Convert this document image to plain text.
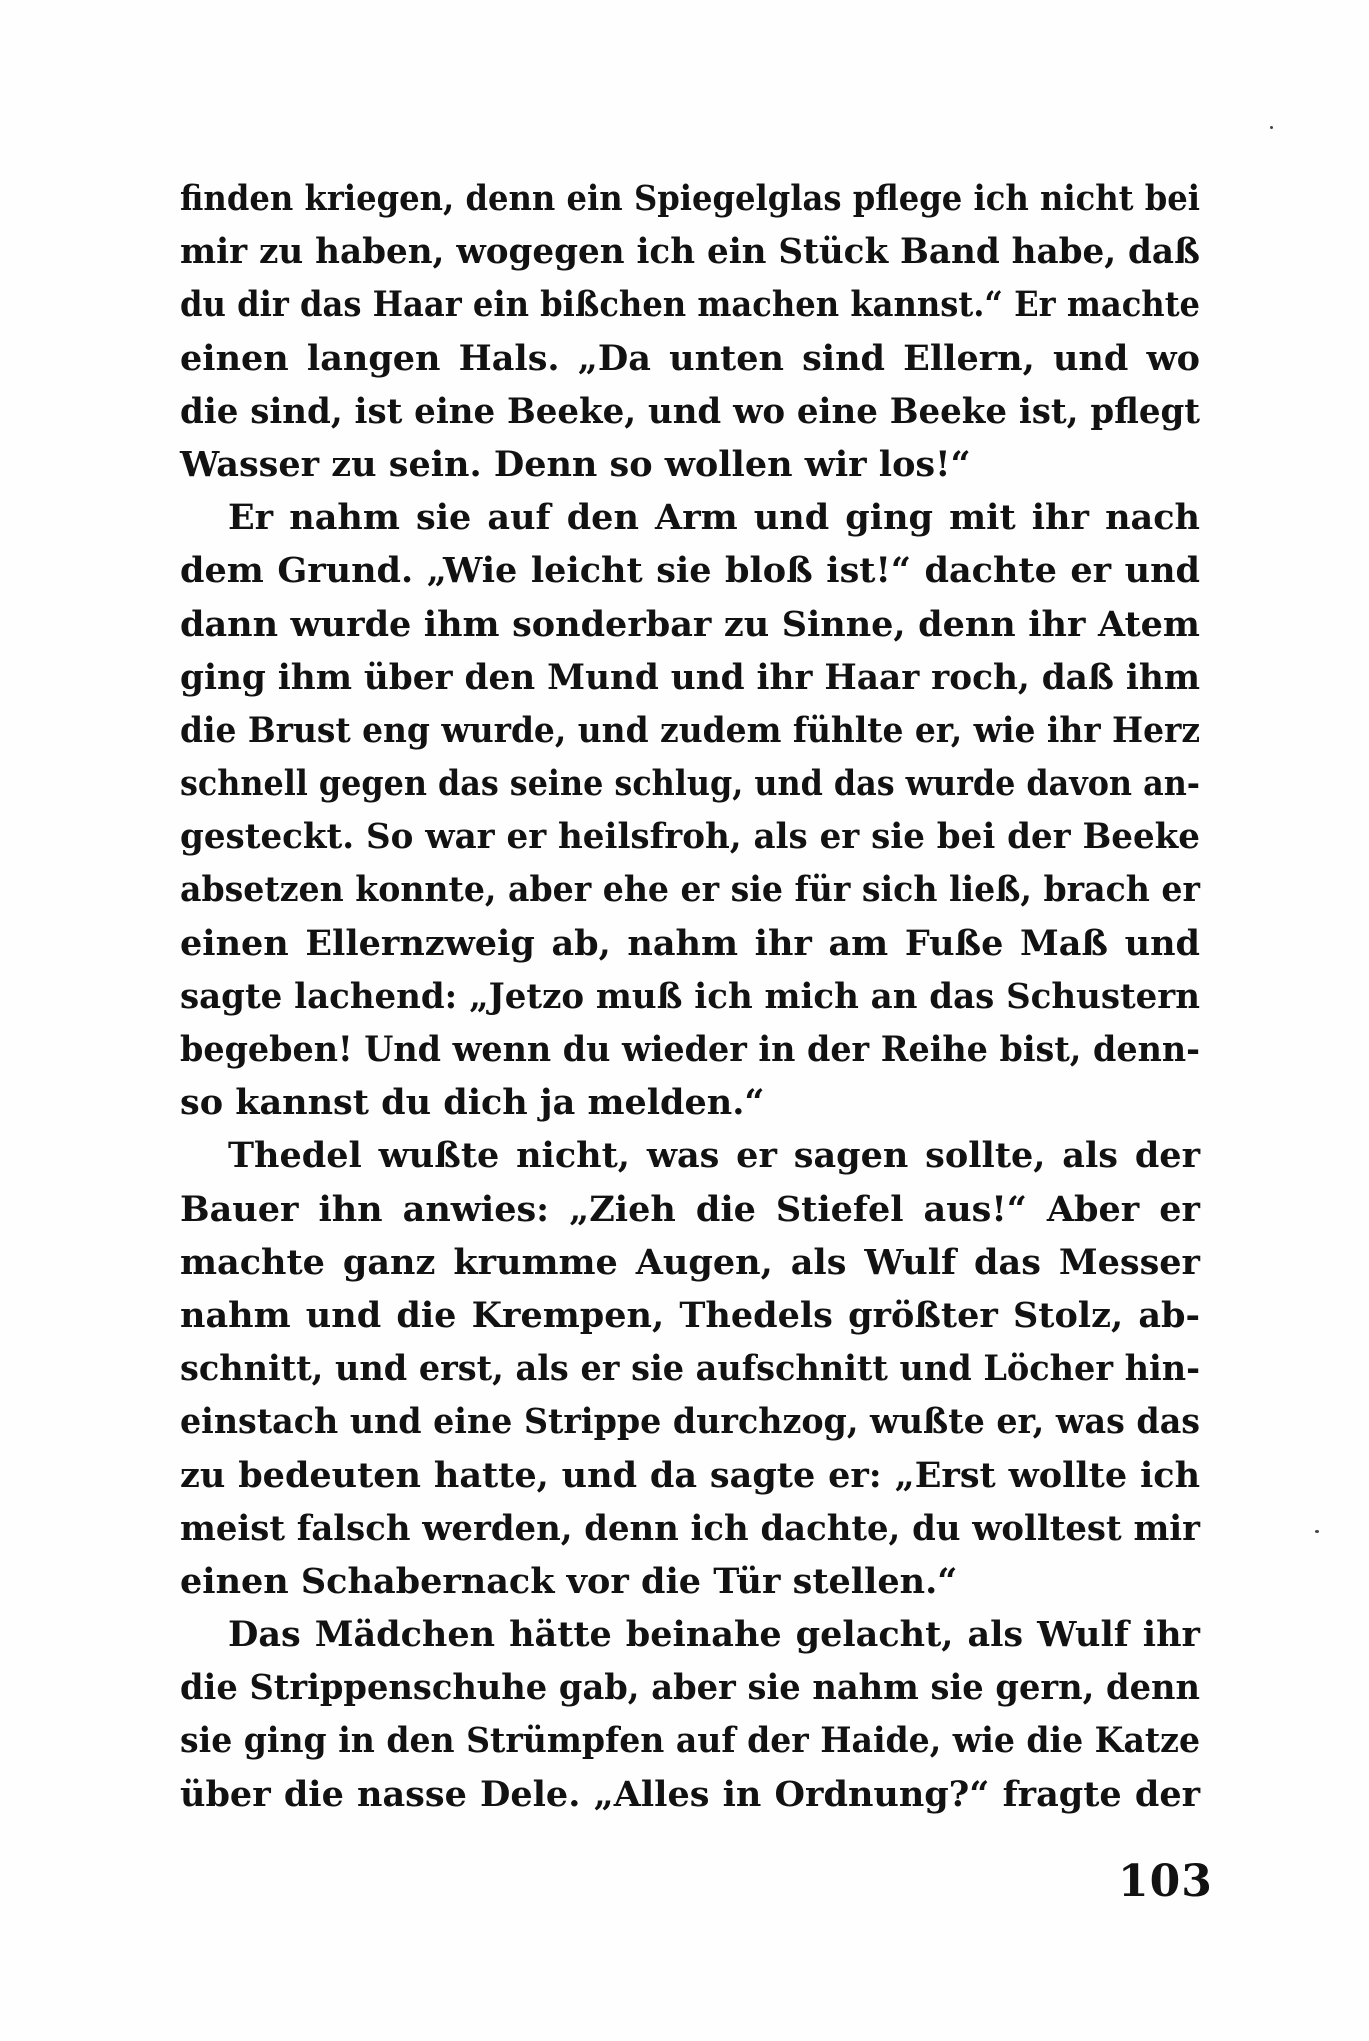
finden kriegen, denn ein Spiegelglas pflege ich nicht bei
mir zu haben, wogegen ich ein Stück Band habe, daß
du dir das Haar ein bißchen machen kannst.“ Er machte
einen langen Hals. „Da unten sind Ellern, und wo
die sind, ist eine Beeke, und wo eine Beeke ist, pflegt
Wasser zu sein. Denn so wollen wir los!“
Er nahm sie auf den Arm und ging mit ihr nach
dem Grund. „Wie leicht sie bloß ist!“ dachte er und
dann wurde ihm sonderbar zu Sinne, denn ihr Atem
ging ihm über den Mund und ihr Haar roch, daß ihm
die Brust eng wurde, und zudem fühlte er, wie ihr Herz
schnell gegen das seine schlug, und das wurde davon an-
gesteckt. So war er heilsfroh, als er sie bei der Beeke
absetzen konnte, aber ehe er sie für sich ließ, brach er
einen Ellernzweig ab, nahm ihr am Fuße Maß und
sagte lachend: „Jetzo muß ich mich an das Schustern
begeben! Und wenn du wieder in der Reihe bist, denn-
so kannst du dich ja melden.“
Thedel wußte nicht, was er sagen sollte, als der
Bauer ihn anwies: „Zieh die Stiefel aus!“ Aber er
machte ganz krumme Augen, als Wulf das Messer
nahm und die Krempen, Thedels größter Stolz, ab-
schnitt, und erst, als er sie aufschnitt und Löcher hin-
einstach und eine Strippe durchzog, wußte er, was das
zu bedeuten hatte, und da sagte er: „Erst wollte ich
meist falsch werden, denn ich dachte, du wolltest mir
einen Schabernack vor die Tür stellen.“
Das Mädchen hätte beinahe gelacht, als Wulf ihr
die Strippenschuhe gab, aber sie nahm sie gern, denn
sie ging in den Strümpfen auf der Haide, wie die Katze
über die nasse Dele. „Alles in Ordnung?“ fragte der
103
